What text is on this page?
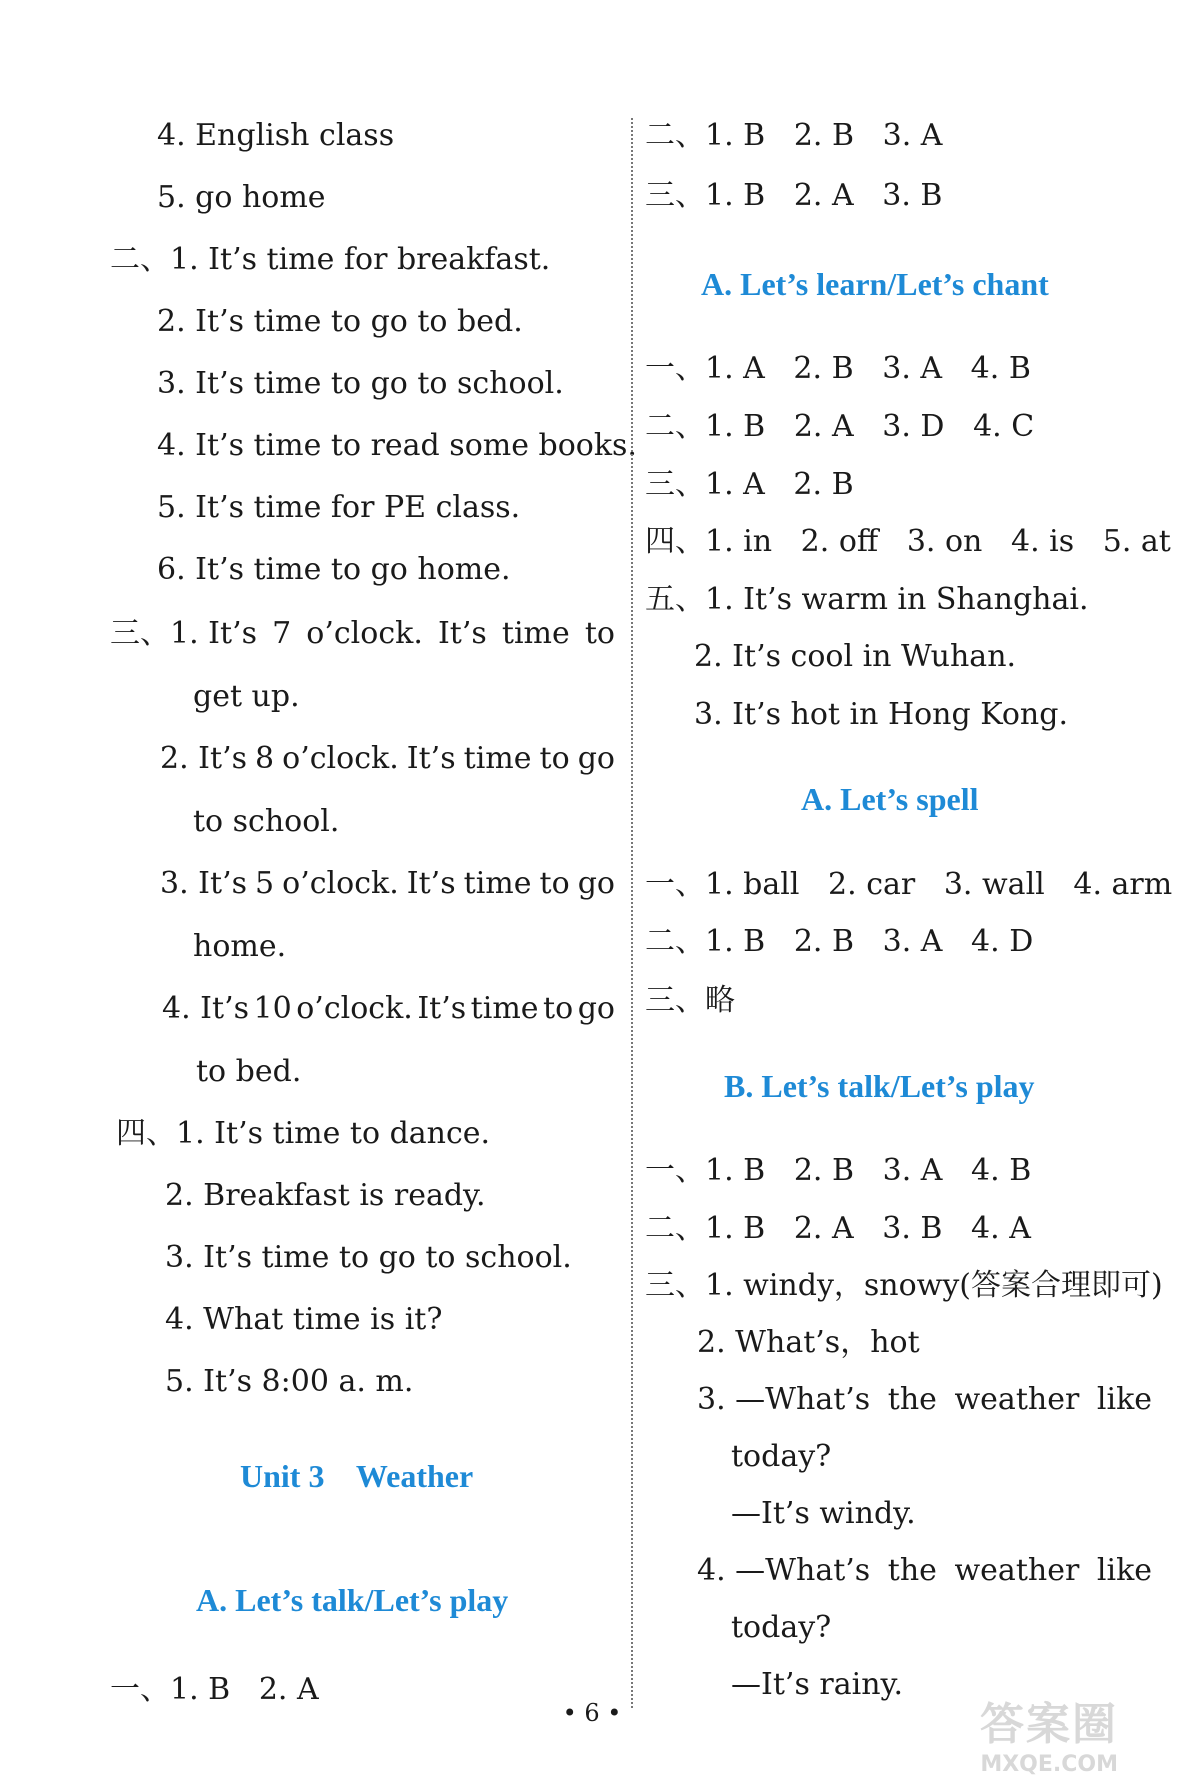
4. English class
5. go home
二、1. It’s time for breakfast.
2. It’s time to go to bed.
3. It’s time to go to school.
4. It’s time to read some books.
5. It’s time for PE class.
6. It’s time to go home.
三、1. It’s 7 o’clock. It’s time to
get up.
2. It’s 8 o’clock. It’s time to go
to school.
3. It’s 5 o’clock. It’s time to go
home.
4. It’s 10 o’clock. It’s time to go
to bed.
四、1. It’s time to dance.
2. Breakfast is ready.
3. It’s time to go to school.
4. What time is it?
5. It’s 8:00 a. m.
Unit 3    Weather
A. Let’s talk/Let’s play
一、1. B   2. A
二、1. B   2. B   3. A
三、1. B   2. A   3. B
A. Let’s learn/Let’s chant
一、1. A   2. B   3. A   4. B
二、1. B   2. A   3. D   4. C
三、1. A   2. B
四、1. in   2. off   3. on   4. is   5. at
五、1. It’s warm in Shanghai.
2. It’s cool in Wuhan.
3. It’s hot in Hong Kong.
A. Let’s spell
一、1. ball   2. car   3. wall   4. arm
二、1. B   2. B   3. A   4. D
三、略
B. Let’s talk/Let’s play
一、1. B   2. B   3. A   4. B
二、1. B   2. A   3. B   4. A
三、1. windy，snowy(答案合理即可)
2. What’s，hot
3. —What’s the weather like
today?
—It’s windy.
4. —What’s the weather like
today?
—It’s rainy.
• 6 •	答案圈
MXQE.COM
